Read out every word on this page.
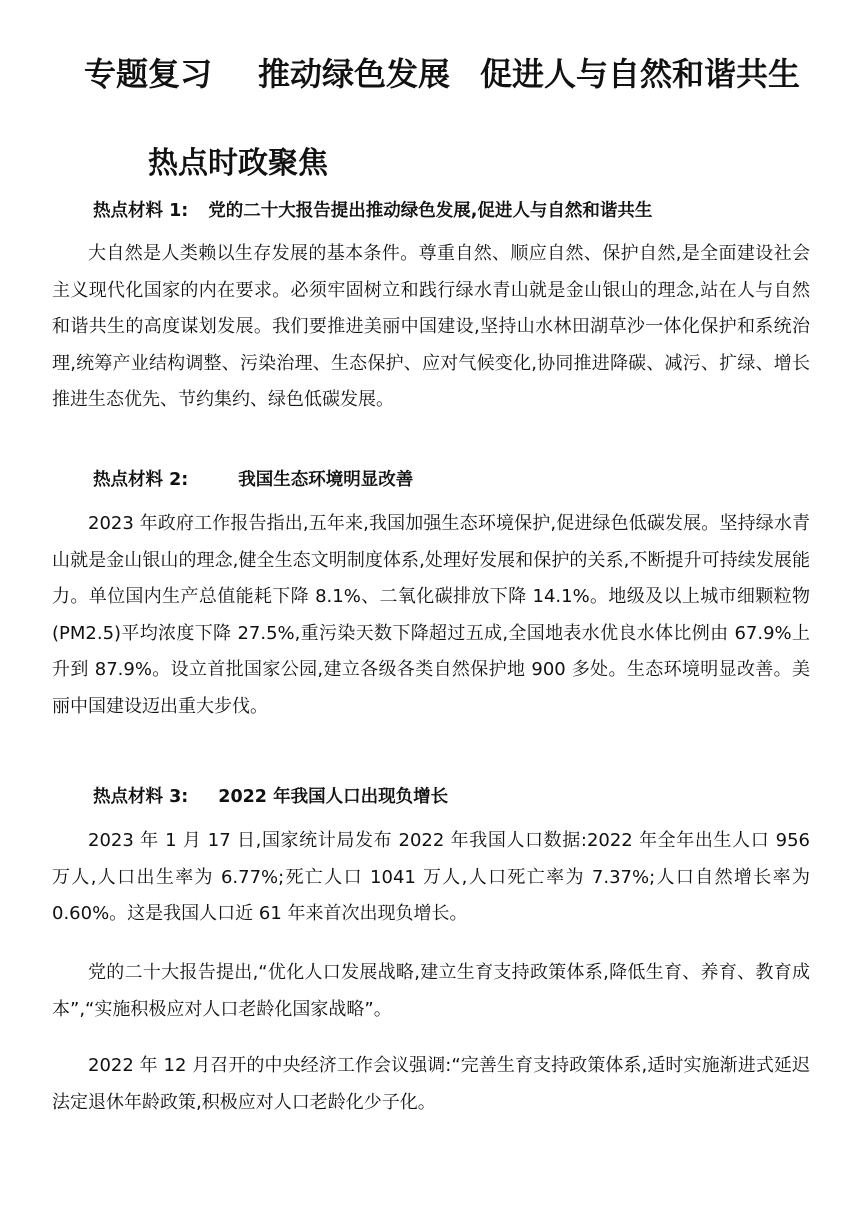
专题复习 推动绿色发展 促进人与自然和谐共生
热点时政聚焦
热点材料 1: 党的二十大报告提出推动绿色发展,促进人与自然和谐共生

大自然是人类赖以生存发展的基本条件。尊重自然、顺应自然、保护自然,是全面建设社会主义现代化国家的内在要求。必须牢固树立和践行绿水青山就是金山银山的理念,站在人与自然和谐共生的高度谋划发展。我们要推进美丽中国建设,坚持山水林田湖草沙一体化保护和系统治理,统筹产业结构调整、污染治理、生态保护、应对气候变化,协同推进降碳、减污、扩绿、增长推进生态优先、节约集约、绿色低碳发展。

热点材料 2:	我国生态环境明显改善

2023 年政府工作报告指出,五年来,我国加强生态环境保护,促进绿色低碳发展。坚持绿水青山就是金山银山的理念,健全生态文明制度体系,处理好发展和保护的关系,不断提升可持续发展能力。单位国内生产总值能耗下降 8.1%、二氧化碳排放下降 14.1%。地级及以上城市细颗粒物(PM2.5)平均浓度下降 27.5%,重污染天数下降超过五成,全国地表水优良水体比例由 67.9%上升到 87.9%。设立首批国家公园,建立各级各类自然保护地 900 多处。生态环境明显改善。美丽中国建设迈出重大步伐。

热点材料 3: 2022 年我国人口出现负增长

2023 年 1 月 17 日,国家统计局发布 2022 年我国人口数据:2022 年全年出生人口 956 万人,人口出生率为 6.77%;死亡人口 1041 万人,人口死亡率为 7.37%;人口自然增长率为 0.60%。这是我国人口近 61 年来首次出现负增长。

党的二十大报告提出,“优化人口发展战略,建立生育支持政策体系,降低生育、养育、教育成本”,“实施积极应对人口老龄化国家战略”。

2022 年 12 月召开的中央经济工作会议强调:“完善生育支持政策体系,适时实施渐进式延迟法定退休年龄政策,积极应对人口老龄化少子化。
